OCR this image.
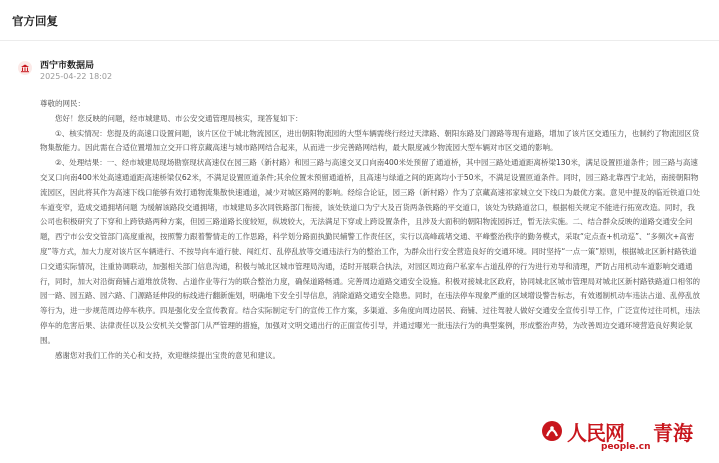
官方回复
西宁市数据局
2025-04-22 18:02

尊敬的网民：

您好！您反映的问题，经市城建局、市公安交通管理局核实，现答复如下：

①、核实情况：您提及的高速口设置问题，该片区位于城北物流园区，进出朝阳物流园的大型车辆需绕行经过天津路、朝阳东路及门源路等现有道路，增加了该片区交通压力，也制约了物流园区货物集散能力。因此需在合适位置增加立交开口将京藏高速与城市路网结合起来，从而进一步完善路网结构，最大限度减少物流园大型车辆对市区交通的影响。

②、处理结果：一、经市城建局现场勘察现状高速仅在园三路（新村路）和园三路与高速交叉口向南400米处预留了通道桥，其中园三路处通道距离桥梁130米，满足设置匝道条件；园三路与高速交叉口向南400米处高速通道距高速桥梁仅62米，不满足设置匝道条件;其余位置未预留通道桥，且高速与绿道之间的距离均小于50米，不满足设置匝道条件。同时，园三路北靠西宁北站，南接朝阳物流园区，因此将其作为高速下线口能够有效打通物流集散快速通道，减少对城区路网的影响。经综合论证，园三路（新村路）作为了京藏高速祁家城立交下线口为最优方案。意见中提及的临近铁道口处车道变窄，造成交通拥堵问题 为缓解该路段交通拥堵，市城建局多次同铁路部门衔接，该处铁道口为宁大及百货两条铁路的平交道口，该处为铁路道岔口，根据相关规定不能进行拓宽改造。同时，我公司也积极研究了下穿和上跨铁路两种方案，但园三路道路长度较短，纵坡较大，无法满足下穿或上跨设置条件，且涉及大面积的朝阳物流园拆迁，暂无法实施。二、结合群众反映的道路交通安全问题，西宁市公安交管部门高度重视，按照警力跟着警情走的工作思路，科学划分路面执勤民辅警工作责任区，实行以高峰疏堵交通、平峰整治秩序的勤务模式，采取“定点查+机动巡”、“多频次+高密度”等方式，加大力度对该片区车辆进行、不按导向车道行驶、闯红灯、乱停乱放等交通违法行为的整治工作，为群众出行安全营造良好的交通环境。同时坚持“一点一策”原则，根据城北区新村路铁道口交通实际情况，注重协调联动，加强相关部门信息沟通，积极与城北区城市管理局沟通，适时开展联合执法，对园区周边商户私家车占道乱停的行为进行劝导和清理，严防占用机动车道影响交通通行，同时，加大对沿街商铺占道堆放货物、占道作业等行为的联合整治力度，确保道路畅通。完善周边道路交通安全设施。积极对接城北区政府，协同城北区城市管理局对城北区新村路铁路道口相邻的园一路、园五路、园六路、门源路延伸段的标线进行翻新施划，明确地下安全引导信息，消除道路交通安全隐患。同时，在违法停车现象严重的区域增设警告标志，有效遏制机动车违法占道、乱停乱放等行为，进一步规范周边停车秩序。四是强化安全宣传教育。结合实际制定专门的宣传工作方案，多渠道、多角度向周边居民、商铺、过往驾驶人做好交通安全宣传引导工作，广泛宣传过往司机，违法停车的危害后果、法律责任以及公安机关交警部门从严管理的措施，加强对文明交通出行的正面宣传引导，并通过曝光一批违法行为的典型案例，形成整治声势，为改善周边交通环境营造良好舆论氛围。

感谢您对我们工作的关心和支持，欢迎继续提出宝贵的意见和建议。

人民网 青海
people.cn
